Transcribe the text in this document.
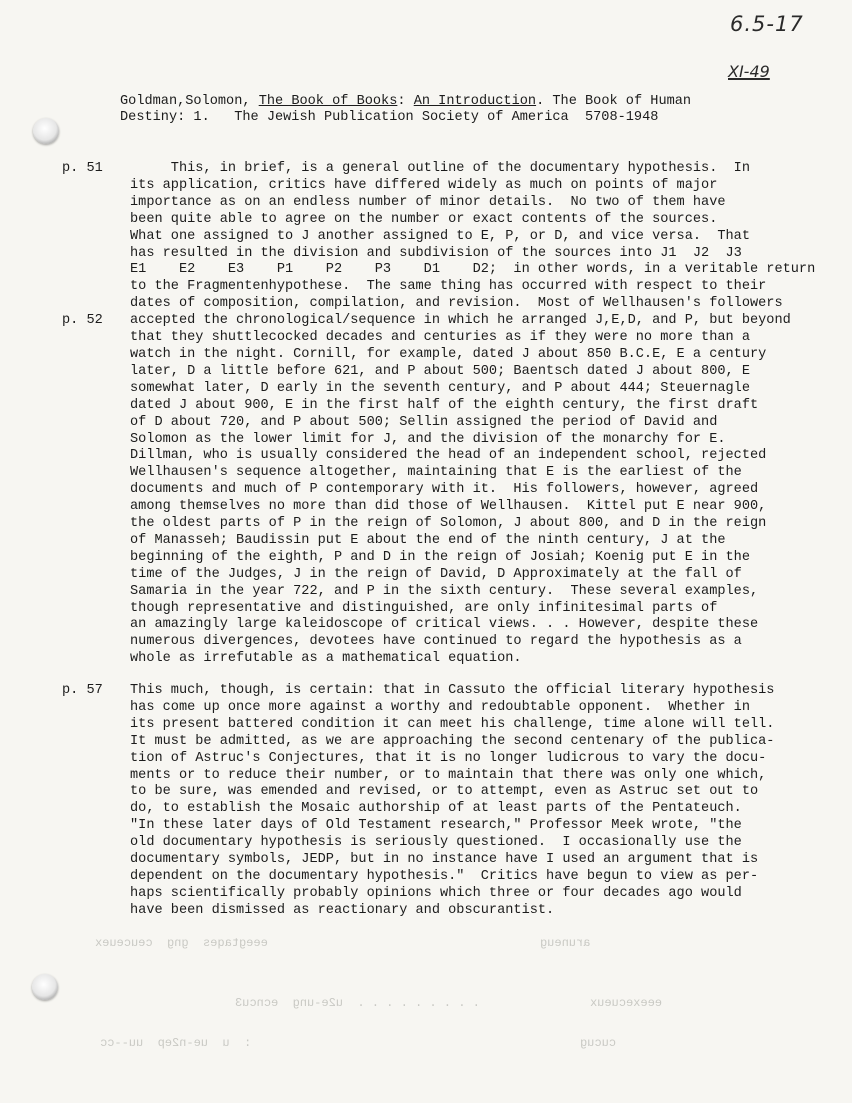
6.5-17
XI-49
Goldman,Solomon, The Book of Books: An Introduction. The Book of Human
Destiny: 1.   The Jewish Publication Society of America  5708-1948
p. 51
p. 52
p. 57
This, in brief, is a general outline of the documentary hypothesis.  In
its application, critics have differed widely as much on points of major
importance as on an endless number of minor details.  No two of them have
been quite able to agree on the number or exact contents of the sources.
What one assigned to J another assigned to E, P, or D, and vice versa.  That
has resulted in the division and subdivision of the sources into J1  J2  J3
E1    E2    E3    P1    P2    P3    D1    D2;  in other words, in a veritable return
to the Fragmentenhypothese.  The same thing has occurred with respect to their
dates of composition, compilation, and revision.  Most of Wellhausen's followers
accepted the chronological/sequence in which he arranged J,E,D, and P, but beyond
that they shuttlecocked decades and centuries as if they were no more than a
watch in the night. Cornill, for example, dated J about 850 B.C.E, E a century
later, D a little before 621, and P about 500; Baentsch dated J about 800, E
somewhat later, D early in the seventh century, and P about 444; Steuernagle
dated J about 900, E in the first half of the eighth century, the first draft
of D about 720, and P about 500; Sellin assigned the period of David and
Solomon as the lower limit for J, and the division of the monarchy for E.
Dillman, who is usually considered the head of an independent school, rejected
Wellhausen's sequence altogether, maintaining that E is the earliest of the
documents and much of P contemporary with it.  His followers, however, agreed
among themselves no more than did those of Wellhausen.  Kittel put E near 900,
the oldest parts of P in the reign of Solomon, J about 800, and D in the reign
of Manasseh; Baudissin put E about the end of the ninth century, J at the
beginning of the eighth, P and D in the reign of Josiah; Koenig put E in the
time of the Judges, J in the reign of David, D Approximately at the fall of
Samaria in the year 722, and P in the sixth century.  These several examples,
though representative and distinguished, are only infinitesimal parts of
an amazingly large kaleidoscope of critical views. . . However, despite these
numerous divergences, devotees have continued to regard the hypothesis as a
whole as irrefutable as a mathematical equation.
This much, though, is certain: that in Cassuto the official literary hypothesis
has come up once more against a worthy and redoubtable opponent.  Whether in
its present battered condition it can meet his challenge, time alone will tell.
It must be admitted, as we are approaching the second centenary of the publica-
tion of Astruc's Conjectures, that it is no longer ludicrous to vary the docu-
ments or to reduce their number, or to maintain that there was only one which,
to be sure, was emended and revised, or to attempt, even as Astruc set out to
do, to establish the Mosaic authorship of at least parts of the Pentateuch.
"In these later days of Old Testament research," Professor Meek wrote, "the
old documentary hypothesis is seriously questioned.  I occasionally use the
documentary symbols, JEDP, but in no instance have I used an argument that is
dependent on the documentary hypothesis."  Critics have begun to view as per-
haps scientifically probably opinions which three or four decades ago would
have been dismissed as reactionary and obscurantist.
eeegtaqes  gng  ceuceuex	aruneug
. . . . . . . . .  u2e-ung  ecncu3	eeexecueux
:  u  ue-n2ep  uu--cc	cucug
